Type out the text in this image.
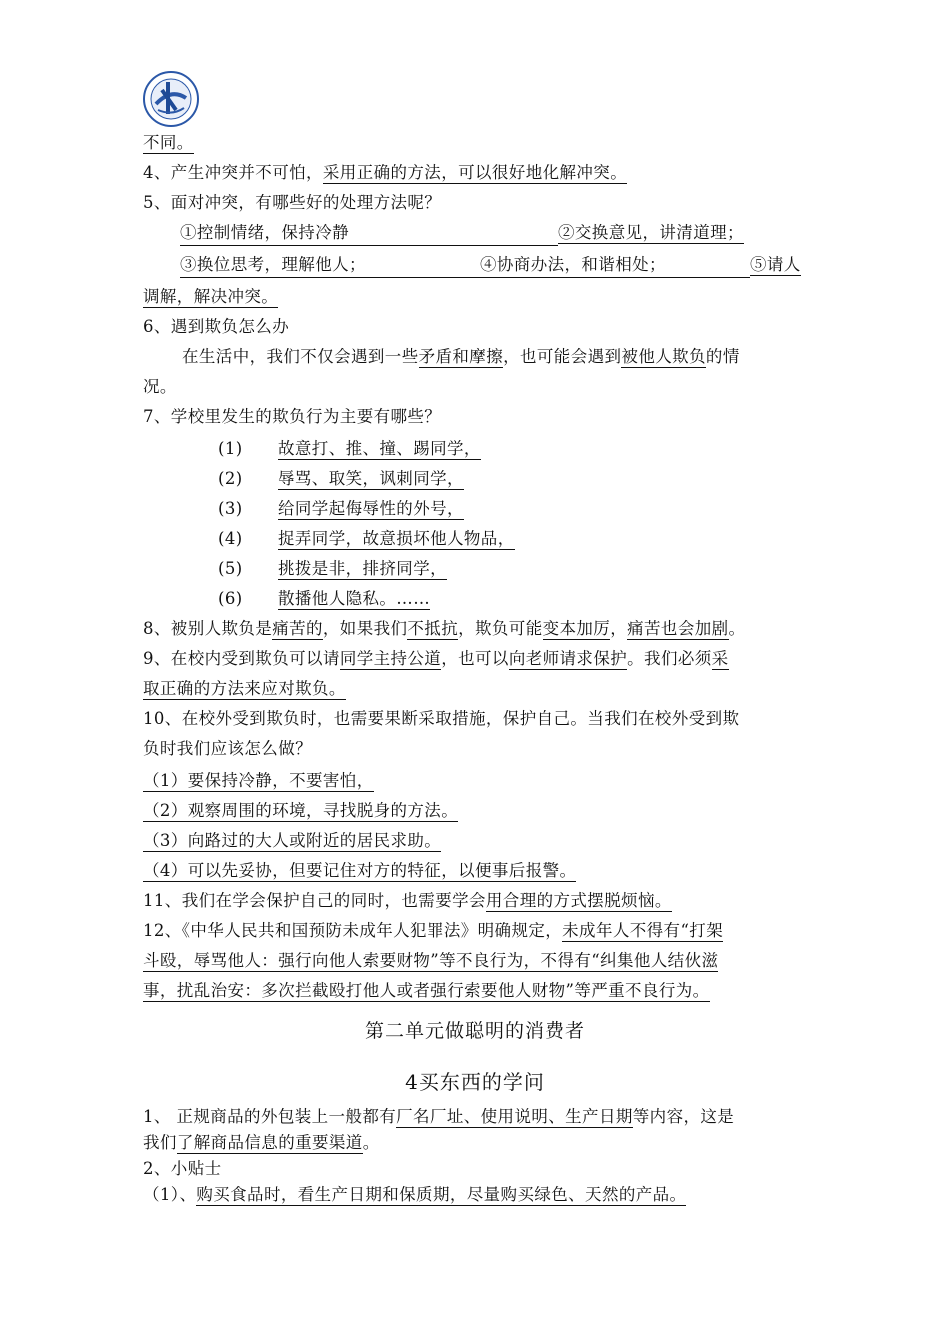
不同。
4、产生冲突并不可怕，采用正确的方法，可以很好地化解冲突。
5、面对冲突，有哪些好的处理方法呢？
①控制情绪，保持冷静	②交换意见，讲清道理；
③换位思考，理解他人；	④协商办法，和谐相处；	⑤请人
调解，解决冲突。
6、遇到欺负怎么办
在生活中，我们不仅会遇到一些矛盾和摩擦，也可能会遇到被他人欺负的情
况。
7、学校里发生的欺负行为主要有哪些？
(1) 故意打、推、撞、踢同学，
(2) 辱骂、取笑，讽刺同学，
(3) 给同学起侮辱性的外号，
(4) 捉弄同学，故意损坏他人物品，
(5) 挑拨是非，排挤同学，
(6) 散播他人隐私。……
8、被别人欺负是痛苦的，如果我们不抵抗，欺负可能变本加厉，痛苦也会加剧。
9、在校内受到欺负可以请同学主持公道，也可以向老师请求保护。我们必须采
取正确的方法来应对欺负。
10、在校外受到欺负时，也需要果断采取措施，保护自己。当我们在校外受到欺
负时我们应该怎么做？
（1）要保持冷静，不要害怕，
（2）观察周围的环境，寻找脱身的方法。
（3）向路过的大人或附近的居民求助。
（4）可以先妥协，但要记住对方的特征，以便事后报警。
11、我们在学会保护自己的同时，也需要学会用合理的方式摆脱烦恼。
12、《中华人民共和国预防未成年人犯罪法》明确规定，未成年人不得有“打架
斗殴，辱骂他人：强行向他人索要财物”等不良行为，不得有“纠集他人结伙滋
事，扰乱治安：多次拦截殴打他人或者强行索要他人财物”等严重不良行为。
第二单元做聪明的消费者
4买东西的学问
1、 正规商品的外包装上一般都有厂名厂址、使用说明、生产日期等内容，这是
我们了解商品信息的重要渠道。
2、小贴士
（1）、购买食品时，看生产日期和保质期，尽量购买绿色、天然的产品。
